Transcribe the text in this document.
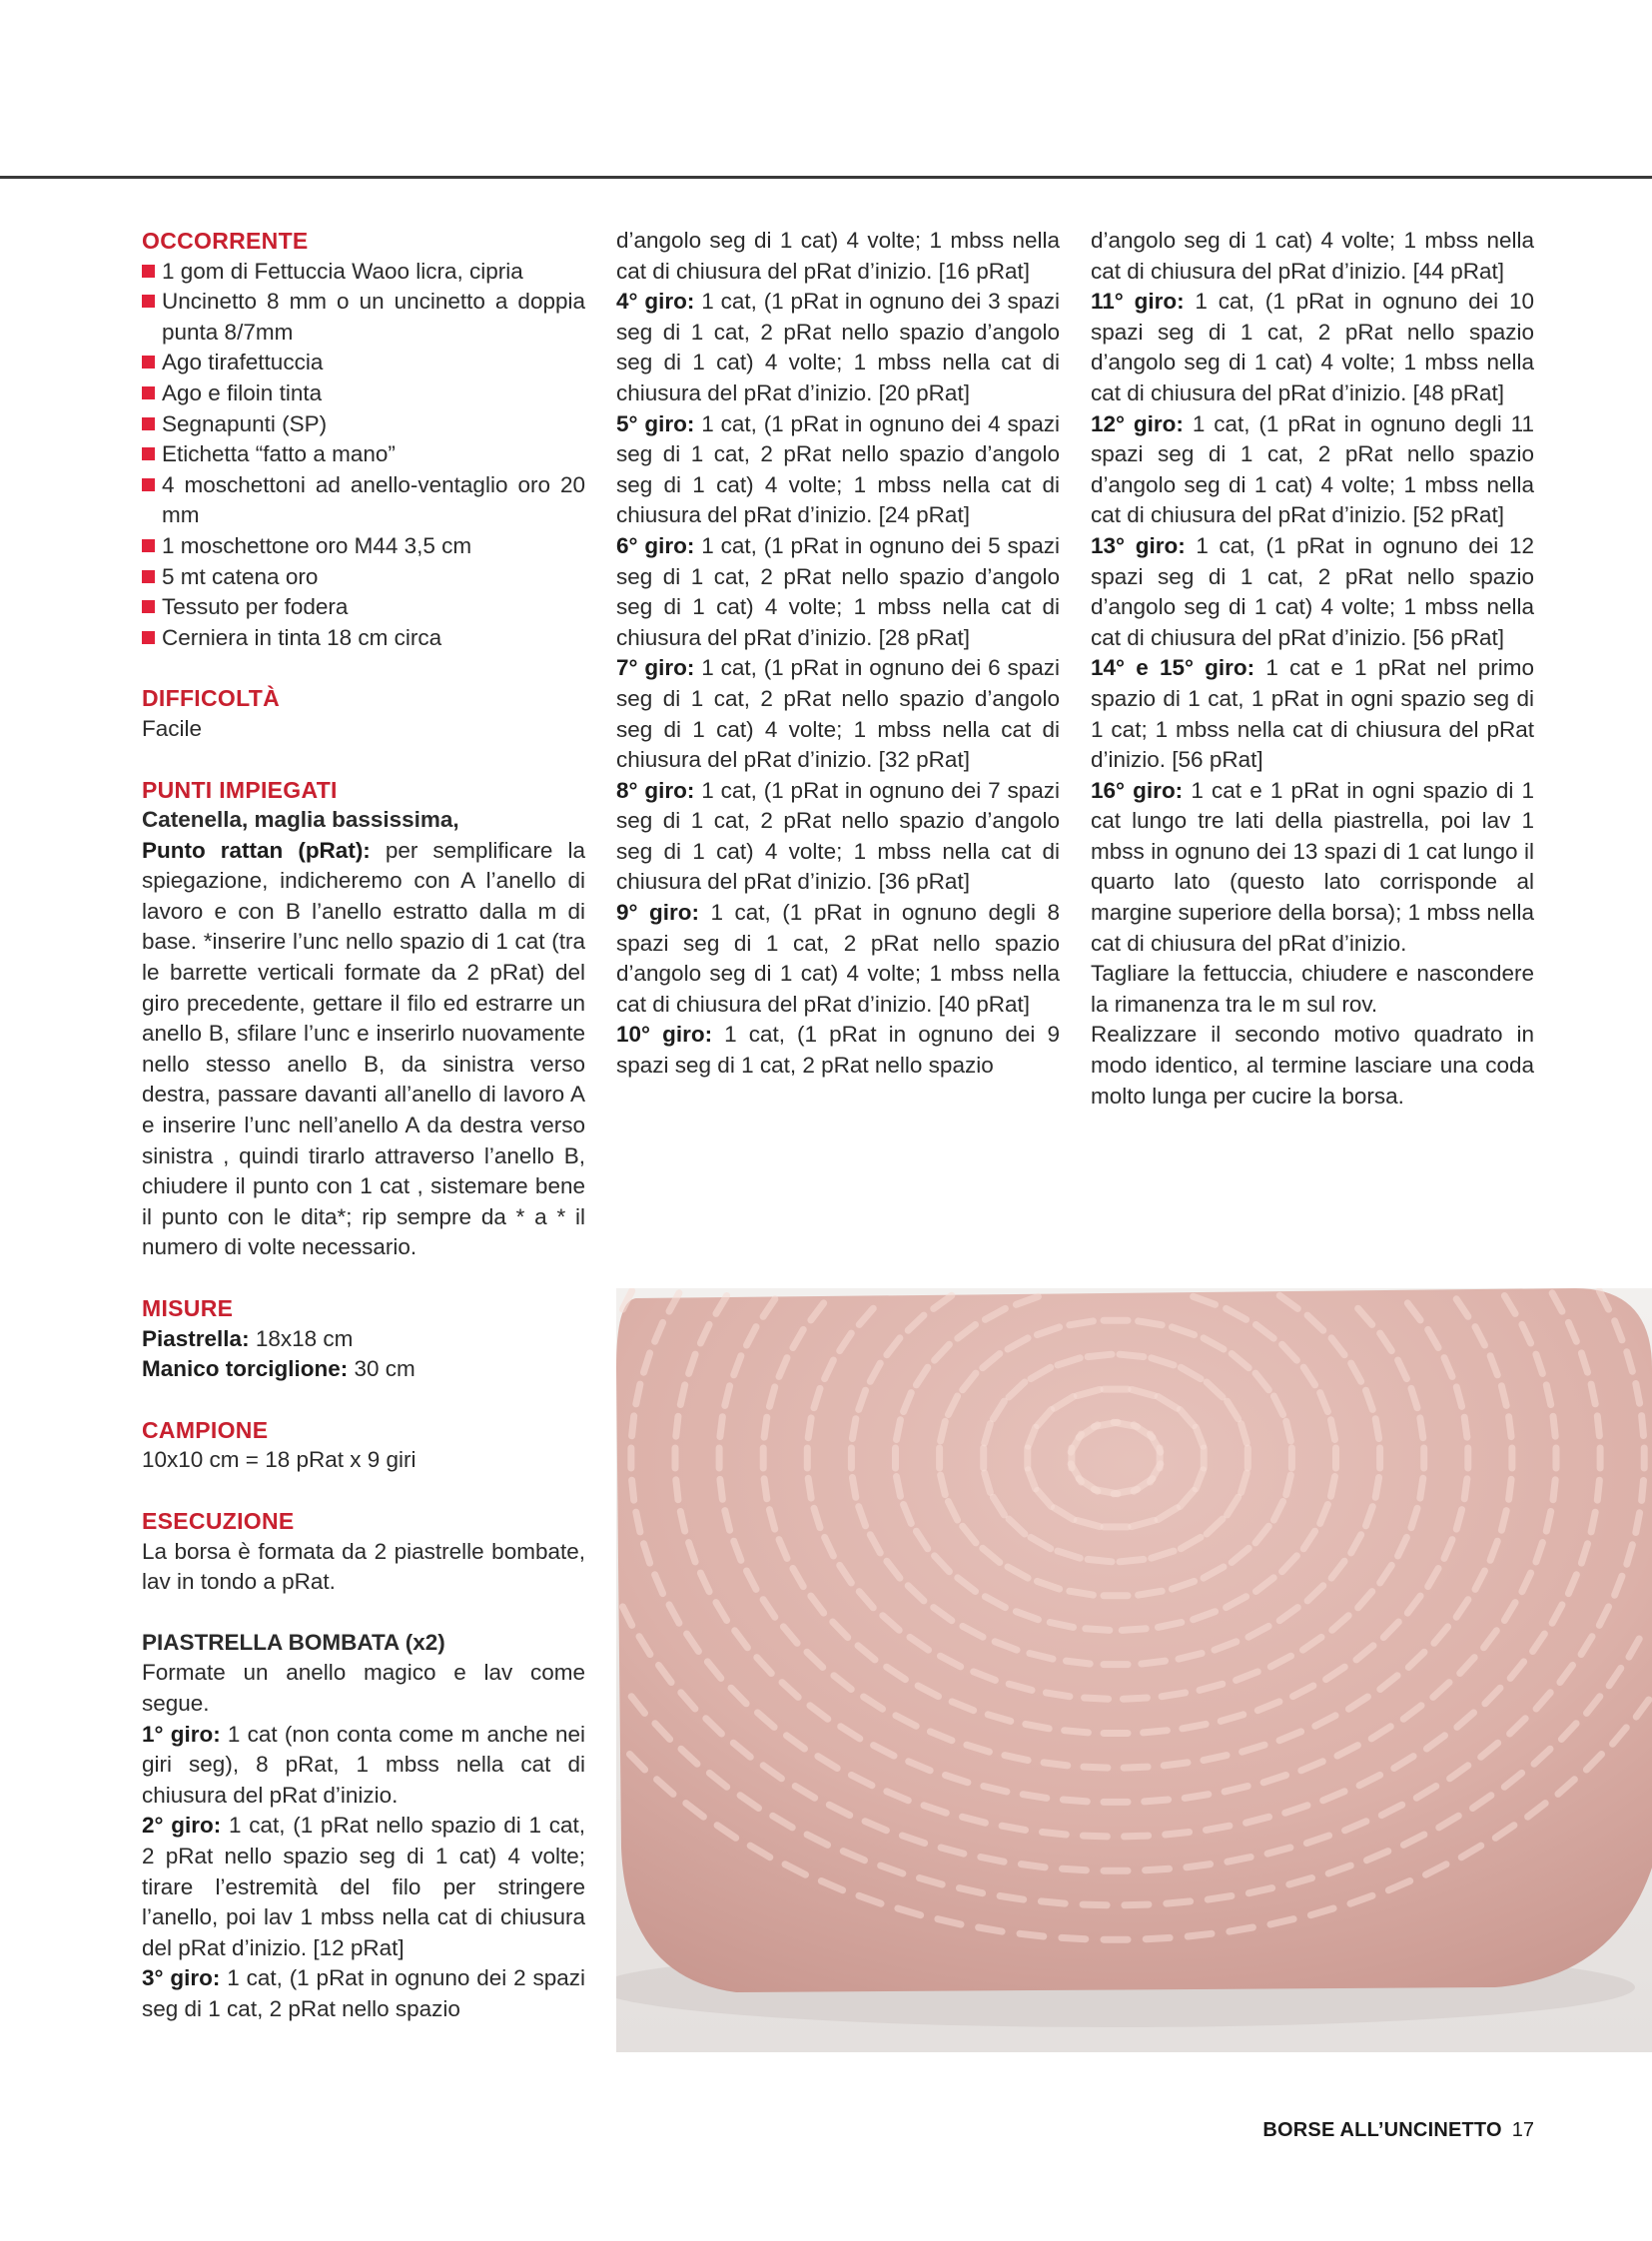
OCCORRENTE

1 gom di Fettuccia Waoo licra, cipria

Uncinetto 8 mm o un uncinetto a doppia punta 8/7mm

Ago tirafettuccia

Ago e filoin tinta

Segnapunti (SP)

Etichetta “fatto a mano”

4 moschettoni ad anello-ventaglio oro 20 mm

1 moschettone oro M44 3,5 cm

5 mt catena oro

Tessuto per fodera

Cerniera in tinta 18 cm circa

DIFFICOLTÀ

Facile

PUNTI IMPIEGATI

Catenella, maglia bassissima,

Punto rattan (pRat): per semplificare la spiegazione, indicheremo con A l’anello di lavoro e con B l’anello estratto dalla m di base. *inserire l’unc nello spazio di 1 cat (tra le barrette verticali formate da 2 pRat) del giro precedente, gettare il filo ed estrarre un anello B, sfilare l’unc e inserirlo nuovamente nello stesso anello B, da sinistra verso destra, passare davanti all’anello di lavoro A e inserire l’unc nell’anello A da destra verso sinistra , quindi tirarlo attraverso l’anello B, chiudere il punto con 1 cat , sistemare bene il punto con le dita*; rip sempre da * a * il numero di volte necessario.

MISURE

Piastrella: 18x18 cm

Manico torciglione: 30 cm

CAMPIONE

10x10 cm = 18 pRat x 9 giri

ESECUZIONE

La borsa è formata da 2 piastrelle bombate, lav in tondo a pRat.

PIASTRELLA BOMBATA (x2)

Formate un anello magico e lav come segue.

1° giro: 1 cat (non conta come m anche nei giri seg), 8 pRat, 1 mbss nella cat di chiusura del pRat d’inizio.

2° giro: 1 cat, (1 pRat nello spazio di 1 cat, 2 pRat nello spazio seg di 1 cat) 4 volte; tirare l’estremità del filo per stringere l’anello, poi lav 1 mbss nella cat di chiusura del pRat d’inizio. [12 pRat]

3° giro: 1 cat, (1 pRat in ognuno dei 2 spazi seg di 1 cat, 2 pRat nello spazio

d’angolo seg di 1 cat) 4 volte; 1 mbss nella cat di chiusura del pRat d’inizio. [16 pRat]

4° giro: 1 cat, (1 pRat in ognuno dei 3 spazi seg di 1 cat, 2 pRat nello spazio d’angolo seg di 1 cat) 4 volte; 1 mbss nella cat di chiusura del pRat d’inizio. [20 pRat]

5° giro: 1 cat, (1 pRat in ognuno dei 4 spazi seg di 1 cat, 2 pRat nello spazio d’angolo seg di 1 cat) 4 volte; 1 mbss nella cat di chiusura del pRat d’inizio. [24 pRat]

6° giro: 1 cat, (1 pRat in ognuno dei 5 spazi seg di 1 cat, 2 pRat nello spazio d’angolo seg di 1 cat) 4 volte; 1 mbss nella cat di chiusura del pRat d’inizio. [28 pRat]

7° giro: 1 cat, (1 pRat in ognuno dei 6 spazi seg di 1 cat, 2 pRat nello spazio d’angolo seg di 1 cat) 4 volte; 1 mbss nella cat di chiusura del pRat d’inizio. [32 pRat]

8° giro: 1 cat, (1 pRat in ognuno dei 7 spazi seg di 1 cat, 2 pRat nello spazio d’angolo seg di 1 cat) 4 volte; 1 mbss nella cat di chiusura del pRat d’inizio. [36 pRat]

9° giro: 1 cat, (1 pRat in ognuno degli 8 spazi seg di 1 cat, 2 pRat nello spazio d’angolo seg di 1 cat) 4 volte; 1 mbss nella cat di chiusura del pRat d’inizio. [40 pRat]

10° giro: 1 cat, (1 pRat in ognuno dei 9 spazi seg di 1 cat, 2 pRat nello spazio

d’angolo seg di 1 cat) 4 volte; 1 mbss nella cat di chiusura del pRat d’inizio. [44 pRat]

11° giro: 1 cat, (1 pRat in ognuno dei 10 spazi seg di 1 cat, 2 pRat nello spazio d’angolo seg di 1 cat) 4 volte; 1 mbss nella cat di chiusura del pRat d’inizio. [48 pRat]

12° giro: 1 cat, (1 pRat in ognuno degli 11 spazi seg di 1 cat, 2 pRat nello spazio d’angolo seg di 1 cat) 4 volte; 1 mbss nella cat di chiusura del pRat d’inizio. [52 pRat]

13° giro: 1 cat, (1 pRat in ognuno dei 12 spazi seg di 1 cat, 2 pRat nello spazio d’angolo seg di 1 cat) 4 volte; 1 mbss nella cat di chiusura del pRat d’inizio. [56 pRat]

14° e 15° giro: 1 cat e 1 pRat nel primo spazio di 1 cat, 1 pRat in ogni spazio seg di 1 cat; 1 mbss nella cat di chiusura del pRat d’inizio. [56 pRat]

16° giro: 1 cat e 1 pRat in ogni spazio di 1 cat lungo tre lati della piastrella, poi lav 1 mbss in ognuno dei 13 spazi di 1 cat lungo il quarto lato (questo lato corrisponde al margine superiore della borsa); 1 mbss nella cat di chiusura del pRat d’inizio.

Tagliare la fettuccia, chiudere e nascondere la rimanenza tra le m sul rov.

Realizzare il secondo motivo quadrato in modo identico, al termine lasciare una coda molto lunga per cucire la borsa.

BORSE ALL’UNCINETTO 17
